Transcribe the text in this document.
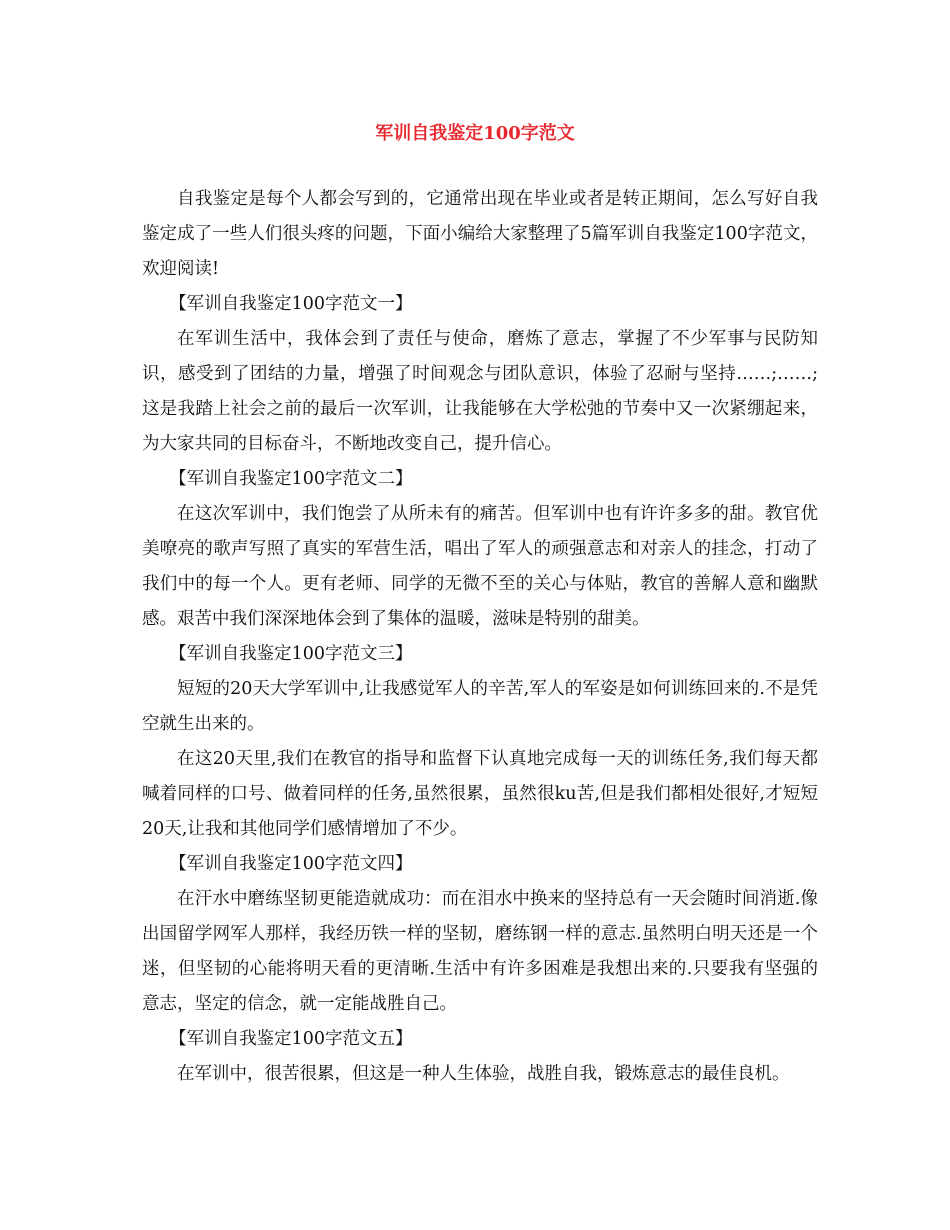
军训自我鉴定100字范文

自我鉴定是每个人都会写到的，它通常出现在毕业或者是转正期间，怎么写好自我鉴定成了一些人们很头疼的问题，下面小编给大家整理了5篇军训自我鉴定100字范文，欢迎阅读!

【军训自我鉴定100字范文一】

在军训生活中，我体会到了责任与使命，磨炼了意志，掌握了不少军事与民防知识，感受到了团结的力量，增强了时间观念与团队意识，体验了忍耐与坚持……;……;这是我踏上社会之前的最后一次军训，让我能够在大学松弛的节奏中又一次紧绷起来，为大家共同的目标奋斗，不断地改变自己，提升信心。

【军训自我鉴定100字范文二】

在这次军训中，我们饱尝了从所未有的痛苦。但军训中也有许许多多的甜。教官优美嘹亮的歌声写照了真实的军营生活，唱出了军人的顽强意志和对亲人的挂念，打动了我们中的每一个人。更有老师、同学的无微不至的关心与体贴，教官的善解人意和幽默感。艰苦中我们深深地体会到了集体的温暖，滋味是特别的甜美。

【军训自我鉴定100字范文三】

短短的20天大学军训中,让我感觉军人的辛苦,军人的军姿是如何训练回来的.不是凭空就生出来的。

在这20天里,我们在教官的指导和监督下认真地完成每一天的训练任务,我们每天都喊着同样的口号、做着同样的任务,虽然很累，虽然很ku苦,但是我们都相处很好,才短短20天,让我和其他同学们感情增加了不少。

【军训自我鉴定100字范文四】

在汗水中磨练坚韧更能造就成功：而在泪水中换来的坚持总有一天会随时间消逝.像出国留学网军人那样，我经历铁一样的坚韧，磨练钢一样的意志.虽然明白明天还是一个迷，但坚韧的心能将明天看的更清晰.生活中有许多困难是我想出来的.只要我有坚强的意志，坚定的信念，就一定能战胜自己。

【军训自我鉴定100字范文五】

在军训中，很苦很累，但这是一种人生体验，战胜自我，锻炼意志的最佳良机。
